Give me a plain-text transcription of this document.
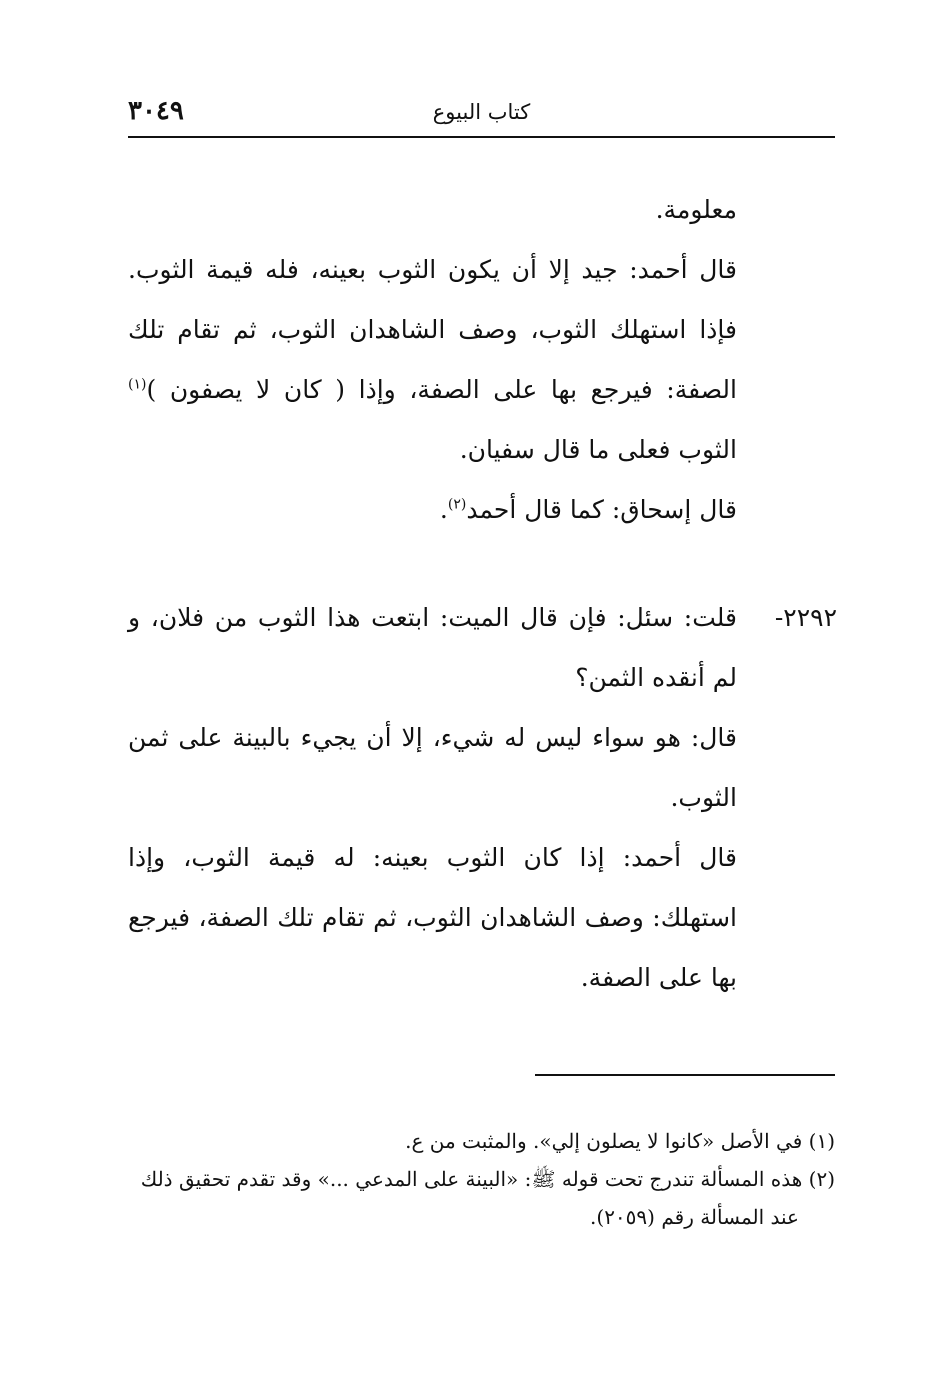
كتاب البيوع
٣٠٤٩

معلومة.

قال أحمد: جيد إلا أن يكون الثوب بعينه، فله قيمة الثوب. فإذا استهلك الثوب، وصف الشاهدان الثوب، ثم تقام تلك الصفة: فيرجع بها على الصفة، وإذا ( كان لا يصفون )$^{(١)}$ الثوب فعلى ما قال سفيان.

قال إسحاق: كما قال أحمد$^{(٢)}$.

٢٢٩٢-

قلت: سئل: فإن قال الميت: ابتعت هذا الثوب من فلان، و لم أنقده الثمن؟

قال: هو سواء ليس له شيء، إلا أن يجيء بالبينة على ثمن الثوب.

قال أحمد: إذا كان الثوب بعينه: له قيمة الثوب، وإذا استهلك: وصف الشاهدان الثوب، ثم تقام تلك الصفة، فيرجع بها على الصفة.

(١) في الأصل «كانوا لا يصلون إلي». والمثبت من ع.

(٢) هذه المسألة تندرج تحت قوله ﷺ: «البينة على المدعي ...» وقد تقدم تحقيق ذلك

عند المسألة رقم (٢٠٥٩).
